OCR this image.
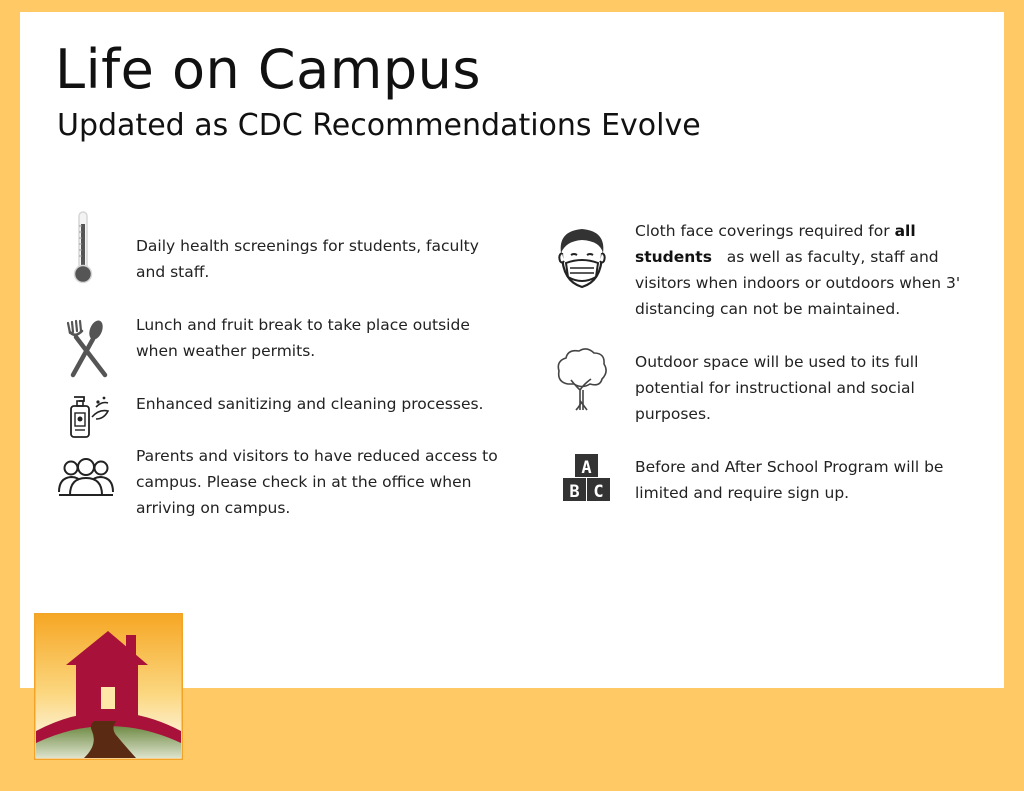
Life on Campus
Updated as CDC Recommendations Evolve
Daily health screenings for students, faculty and staff.
Lunch and fruit break to take place outside when weather permits.
Enhanced sanitizing and cleaning processes.
Parents and visitors to have reduced access to campus. Please check in at the office when arriving on campus.
Cloth face coverings required for all students   as well as faculty, staff and visitors when indoors or outdoors when 3' distancing can not be maintained.
Outdoor space will be used to its full potential for instructional and social purposes.
A
B C
Before and After School Program will be limited and require sign up.
